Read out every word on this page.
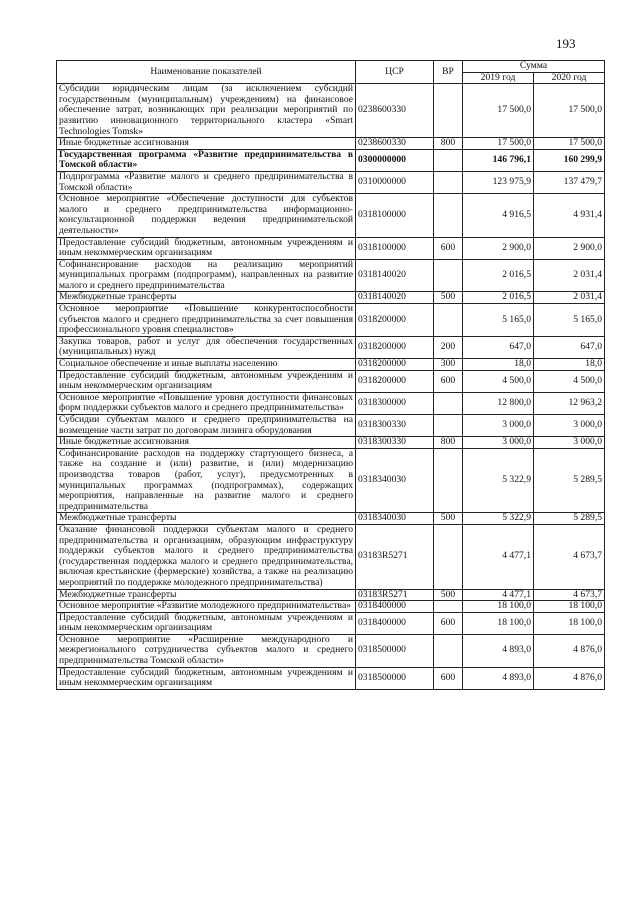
193
Наименование показателей	ЦСР	ВР	Сумма	
			2019 год	2020 год
Субсидии юридическим лицам (за исключением субсидий государственным (муниципальным) учреждениям) на финансовое обеспечение затрат, возникающих при реализации мероприятий по развитию инновационного территориального кластера «Smart Technologies Tomsk»	0238600330		17 500,0	17 500,0
Иные бюджетные ассигнования	0238600330	800	17 500,0	17 500,0
Государственная программа «Развитие предпринимательства в Томской области»	0300000000		146 796,1	160 299,9
Подпрограмма «Развитие малого и среднего предпринимательства в Томской области»	0310000000		123 975,9	137 479,7
Основное мероприятие «Обеспечение доступности для субъектов малого и среднего предпринимательства информационно-консультационной поддержки ведения предпринимательской деятельности»	0318100000		4 916,5	4 931,4
Предоставление субсидий бюджетным, автономным учреждениям и иным некоммерческим организациям	0318100000	600	2 900,0	2 900,0
Софинансирование расходов на реализацию мероприятий муниципальных программ (подпрограмм), направленных на развитие малого и среднего предпринимательства	0318140020		2 016,5	2 031,4
Межбюджетные трансферты	0318140020	500	2 016,5	2 031,4
Основное мероприятие «Повышение конкурентоспособности субъектов малого и среднего предпринимательства за счет повышения профессионального уровня специалистов»	0318200000		5 165,0	5 165,0
Закупка товаров, работ и услуг для обеспечения государственных (муниципальных) нужд	0318200000	200	647,0	647,0
Социальное обеспечение и иные выплаты населению	0318200000	300	18,0	18,0
Предоставление субсидий бюджетным, автономным учреждениям и иным некоммерческим организациям	0318200000	600	4 500,0	4 500,0
Основное мероприятие «Повышение уровня доступности финансовых форм поддержки субъектов малого и среднего предпринимательства»	0318300000		12 800,0	12 963,2
Субсидии субъектам малого и среднего предпринимательства на возмещение части затрат по договорам лизинга оборудования	0318300330		3 000,0	3 000,0
Иные бюджетные ассигнования	0318300330	800	3 000,0	3 000,0
Софинансирование расходов на поддержку стартующего бизнеса, а также на создание и (или) развитие, и (или) модернизацию производства товаров (работ, услуг), предусмотренных в муниципальных программах (подпрограммах), содержащих мероприятия, направленные на развитие малого и среднего предпринимательства	0318340030		5 322,9	5 289,5
Межбюджетные трансферты	0318340030	500	5 322,9	5 289,5
Оказание финансовой поддержки субъектам малого и среднего предпринимательства и организациям, образующим инфраструктуру поддержки субъектов малого и среднего предпринимательства (государственная поддержка малого и среднего предпринимательства, включая крестьянские (фермерские) хозяйства, а также на реализацию мероприятий по поддержке молодежного предпринимательства)	03183R5271		4 477,1	4 673,7
Межбюджетные трансферты	03183R5271	500	4 477,1	4 673,7
Основное мероприятие «Развитие молодежного предпринимательства»	0318400000		18 100,0	18 100,0
Предоставление субсидий бюджетным, автономным учреждениям и иным некоммерческим организациям	0318400000	600	18 100,0	18 100,0
Основное мероприятие «Расширение международного и межрегионального сотрудничества субъектов малого и среднего предпринимательства Томской области»	0318500000		4 893,0	4 876,0
Предоставление субсидий бюджетным, автономным учреждениям и иным некоммерческим организациям	0318500000	600	4 893,0	4 876,0
